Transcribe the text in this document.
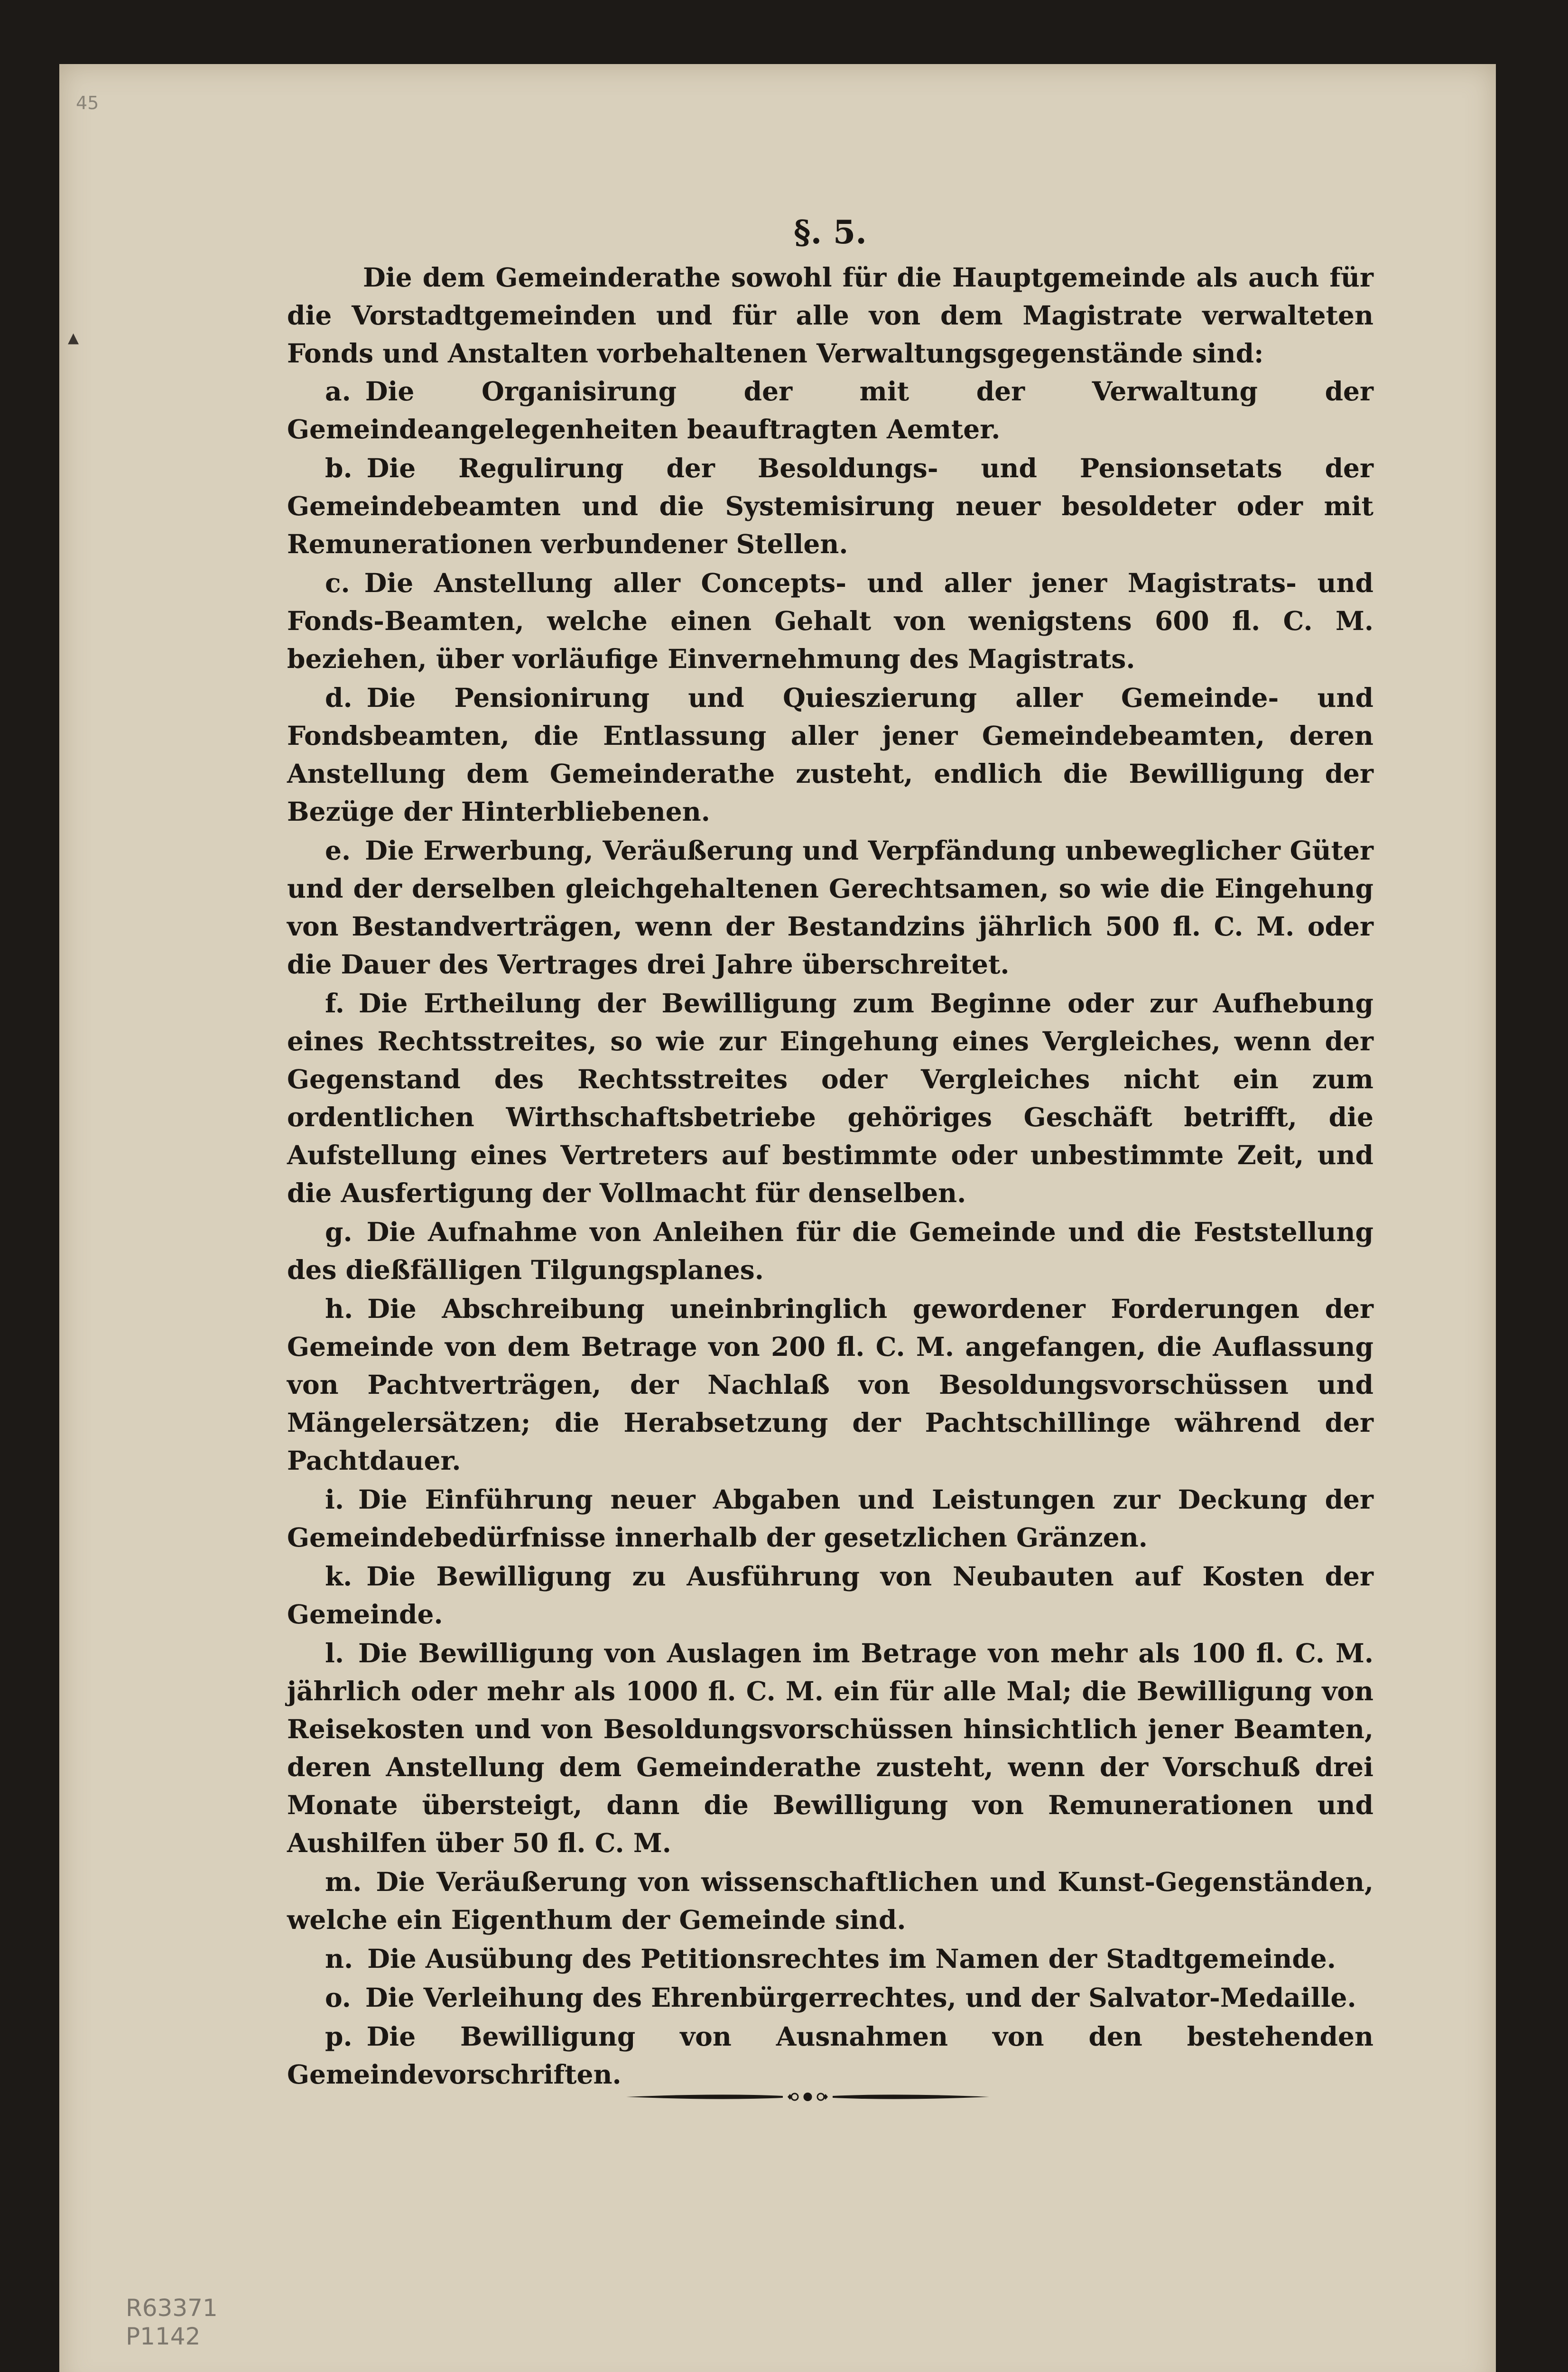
45
▲
§. 5.

Die dem Gemeinderathe sowohl für die Hauptgemeinde als auch für die Vorstadtgemeinden und für alle von dem Magistrate verwalteten Fonds und Anstalten vorbehaltenen Verwaltungsgegenstände sind:

a. Die Organisirung der mit der Verwaltung der Gemeindeangelegenheiten beauftragten Aemter.

b. Die Regulirung der Besoldungs- und Pensionsetats der Gemeindebeamten und die Systemisirung neuer besoldeter oder mit Remunerationen verbundener Stellen.

c. Die Anstellung aller Concepts- und aller jener Magistrats- und Fonds-Beamten, welche einen Gehalt von wenigstens 600 fl. C. M. beziehen, über vorläufige Einvernehmung des Magistrats.

d. Die Pensionirung und Quieszierung aller Gemeinde- und Fondsbeamten, die Entlassung aller jener Gemeindebeamten, deren Anstellung dem Gemeinderathe zusteht, endlich die Bewilligung der Bezüge der Hinterbliebenen.

e. Die Erwerbung, Veräußerung und Verpfändung unbeweglicher Güter und der derselben gleichgehaltenen Gerechtsamen, so wie die Eingehung von Bestandverträgen, wenn der Bestandzins jährlich 500 fl. C. M. oder die Dauer des Vertrages drei Jahre überschreitet.

f. Die Ertheilung der Bewilligung zum Beginne oder zur Aufhebung eines Rechtsstreites, so wie zur Eingehung eines Vergleiches, wenn der Gegenstand des Rechtsstreites oder Vergleiches nicht ein zum ordentlichen Wirthschaftsbetriebe gehöriges Geschäft betrifft, die Aufstellung eines Vertreters auf bestimmte oder unbestimmte Zeit, und die Ausfertigung der Vollmacht für denselben.

g. Die Aufnahme von Anleihen für die Gemeinde und die Feststellung des dießfälligen Tilgungsplanes.

h. Die Abschreibung uneinbringlich gewordener Forderungen der Gemeinde von dem Betrage von 200 fl. C. M. angefangen, die Auflassung von Pachtverträgen, der Nachlaß von Besoldungsvorschüssen und Mängelersätzen; die Herabsetzung der Pachtschillinge während der Pachtdauer.

i. Die Einführung neuer Abgaben und Leistungen zur Deckung der Gemeindebedürfnisse innerhalb der gesetzlichen Gränzen.

k. Die Bewilligung zu Ausführung von Neubauten auf Kosten der Gemeinde.

l. Die Bewilligung von Auslagen im Betrage von mehr als 100 fl. C. M. jährlich oder mehr als 1000 fl. C. M. ein für alle Mal; die Bewilligung von Reisekosten und von Besoldungsvorschüssen hinsichtlich jener Beamten, deren Anstellung dem Gemeinderathe zusteht, wenn der Vorschuß drei Monate übersteigt, dann die Bewilligung von Remunerationen und Aushilfen über 50 fl. C. M.

m. Die Veräußerung von wissenschaftlichen und Kunst-Gegenständen, welche ein Eigenthum der Gemeinde sind.

n. Die Ausübung des Petitionsrechtes im Namen der Stadtgemeinde.

o. Die Verleihung des Ehrenbürgerrechtes, und der Salvator-Medaille.

p. Die Bewilligung von Ausnahmen von den bestehenden Gemeindevorschriften.

R63371
P1142
